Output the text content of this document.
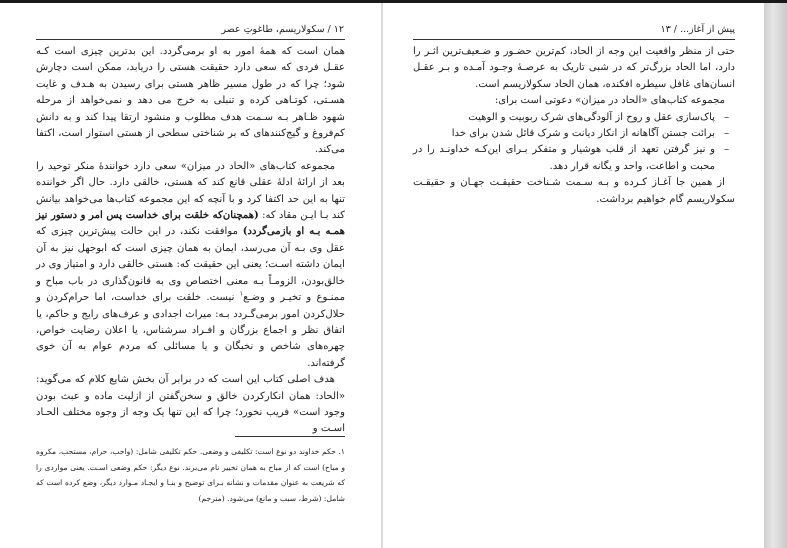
۱۲ / سکولاریسم، طاغوتِ عصر

همان است که همهٔ امور به او برمی‌گردد. این بدترین چیزی است کـه عقـل فردی که سعی دارد حقیقت هستی را دریابد، ممکن است دچارش شود؛ چرا که در طول مسیر ظاهر هستی برای رسیدن به هـدف و غایت هسـتی، کوتـاهی کرده و تنبلی به خرج می دهد و نمی‌خواهد از مرحله شهود ظـاهر بـه سـمت هدف مطلوب و منشود ارتقا پیدا کند و به دانش کم‌فروغ و گیج‌کنندهای که بر شناختی سطحی از هستی استوار است، اکتفا می‌کند.

مجموعه کتاب‌های «الحاد در میزان» سعی دارد خوانندهٔ منکر توحید را بعد از ارائهٔ ادلهٔ عقلی قانع کند که هستی، خالقی دارد. حال اگر خواننده تنها به این حد اکتفا کرد و با آنچه که این مجموعه کتاب‌ها می‌خواهد بیانش کند بـا ایـن مقاد که: (همچنان‌که خلقت برای خداست پس امر و دستور نیز همـه بـه او بازمی‌گردد) موافقت نکند، در این حالت پیش‌ترین چیزی که عقل وی بـه آن می‌رسد، ایمان به همان چیزی است که ابوجهل نیز به آن ایمان داشته اسـت؛ یعنی این حقیقت که: هستی خالقی دارد و امتیاز وی در خالق‌بودن، الزومـاً بـه معنی اختصاص وی به قانون‌گذاری در باب مباح و ممنـوع و تخیـر و وضـع$^۱$ نیست. خلقت برای خداست، اما حرام‌کردن و حلال‌کردن امور برمی‌گـردد بـه: میراث اجدادی و عرف‌های رایج و حاکم، یا اتفاق نظر و اجماع بزرگان و افـراد سرشناس، یا اعلان رضایت خواص، چهره‌های شاخص و نخبگان و یا مسائلی که مردم عوام به آن خوی گرفته‌اند.

هدف اصلی کتاب این است که در برابر آن بخش شایع کلام که می‌گوید: «الحاد: همان انکارکردن خالق و سخن‌گفتن از ازلیت ماده و عبث بودن وجود است» فریب نخورد؛ چرا که این تنها یک وجه از وجوه مختلف الحـاد اسـت و

۱. حکم خداوند دو نوع است: تکلیفی و وضعی. حکم تکلیفی شامل: (واجب، حرام، مستحب، مکروه و مباح) است که از مباح به همان تخییر نام می‌برند. نوع دیگر: حکم وضعی اسـت. یعنی مواردی را که شریعت به عنوان مقدمات و نشانه بـرای توضیح و بنـا و ایجـاد مـوارد دیگر، وضع کرده است که شامل: (شرط، سبب و مانع) می‌شود. (مترجم)
پیش از آغاز... / ۱۳

حتی از منظر واقعیت این وجه از الحاد، کم‌ترین حضـور و ضـعیف‌ترین اثـر را دارد، اما الحاد بزرگ‌تر که در شبی تاریک به عرصـهٔ وجـود آمـده و بـر عقـل انسان‌های غافل سیطره افکنده، همان الحاد سکولاریسم است.

مجموعه کتاب‌های «الحاد در میزان» دعوتی است برای:

–
پاک‌سازی عقل و روح از آلودگی‌های شرک ربوبیت و الوهیت

–
برائت جستن آگاهانه از انکار دیانت و شرک قائل شدن برای خدا

–
و نیز گرفتن تعهد از قلب هوشیار و متفکر بـرای این‌کـه خداونـد را در محبت و اطاعت، واحد و یگانه قرار دهد.

از همین جا آغـاز کـرده و بـه سـمت شـناخت حقیقـت جهـان و حقیقـت سکولاریسم گام خواهیم برداشت.
